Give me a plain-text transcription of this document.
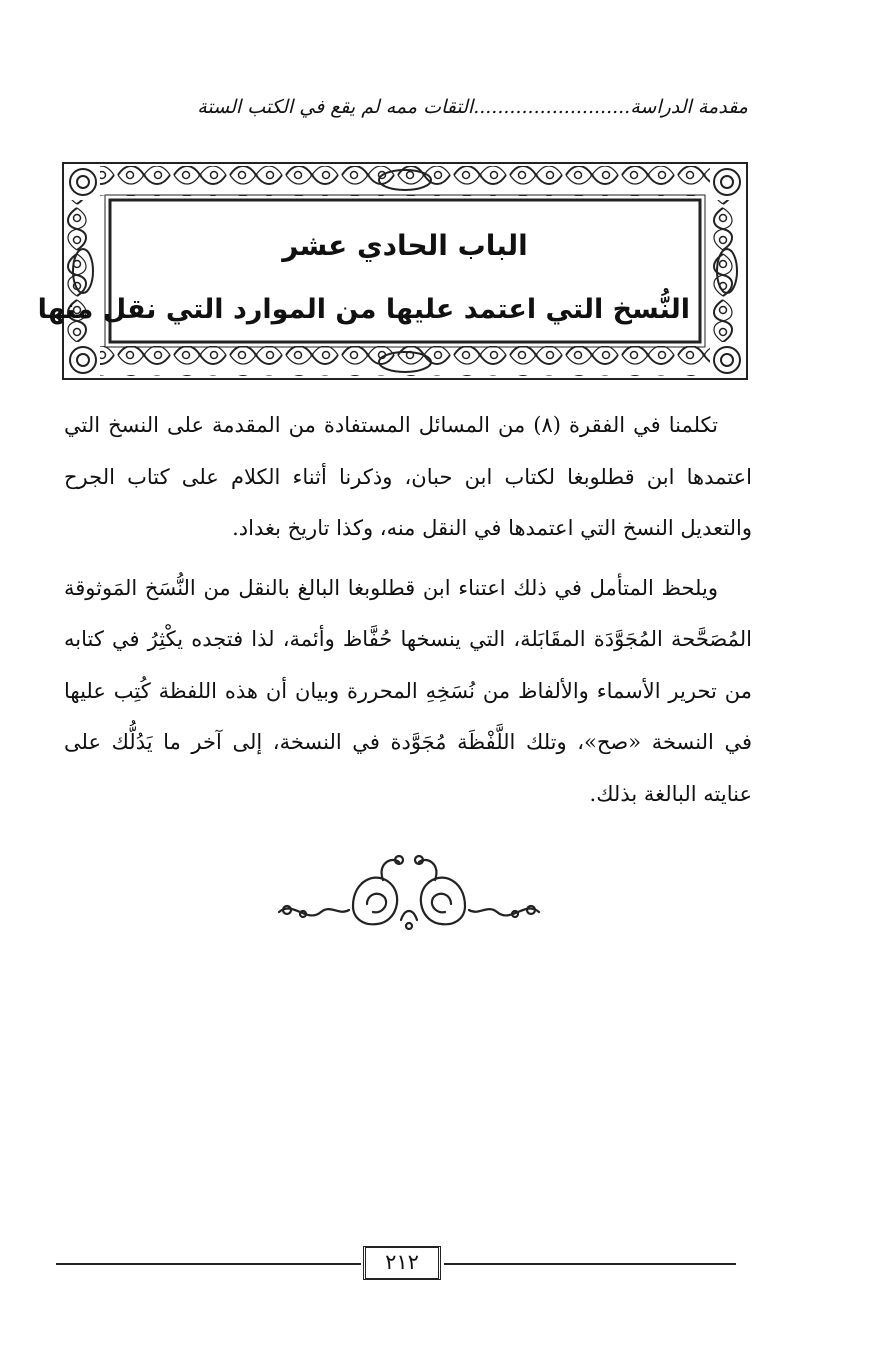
مقدمة الدراسة..........................التقات ممه لم يقع في الكتب الستة
الباب الحادي عشر
النُّسخ التي اعتمد عليها من الموارد التي نقل منها

تكلمنا في الفقرة (٨) من المسائل المستفادة من المقدمة على النسخ التي اعتمدها ابن قطلوبغا لكتاب ابن حبان، وذكرنا أثناء الكلام على كتاب الجرح والتعديل النسخ التي اعتمدها في النقل منه، وكذا تاريخ بغداد.

ويلحظ المتأمل في ذلك اعتناء ابن قطلوبغا البالغ بالنقل من النُّسَخ المَوثوقة المُصَحَّحة المُجَوَّدَة المقَابَلة، التي ينسخها حُفَّاظ وأئمة، لذا فتجده يكْثِرُ في كتابه من تحرير الأسماء والألفاظ من نُسَخِهِ المحررة وبيان أن هذه اللفظة كُتِب عليها في النسخة «صح»، وتلك اللَّفْظَة مُجَوَّدة في النسخة، إلى آخر ما يَدُلُّك على عنايته البالغة بذلك.

٢١٢
